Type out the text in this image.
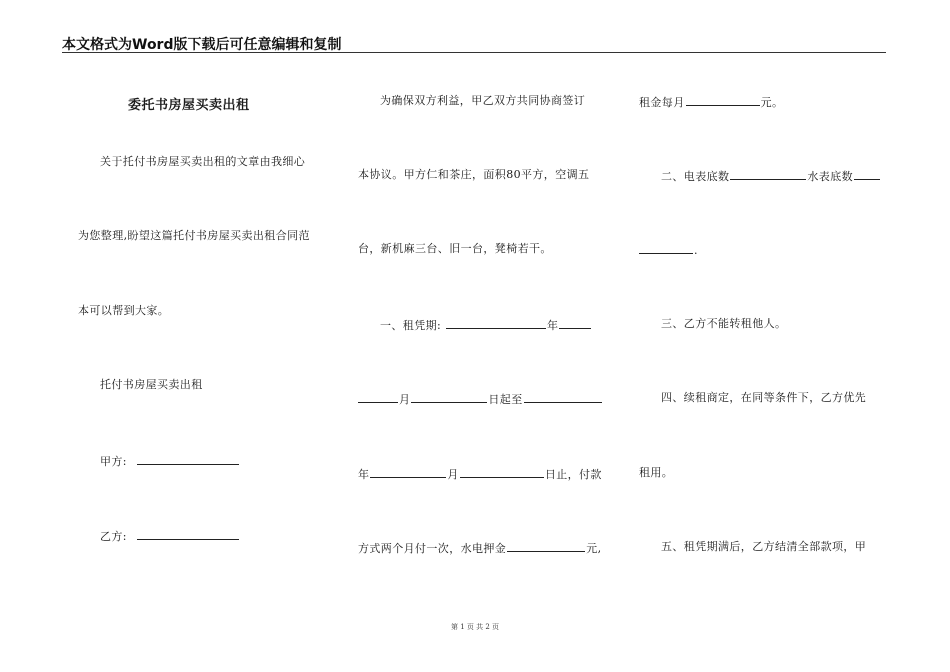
本文格式为Word版下载后可任意编辑和复制
委托书房屋买卖出租
关于托付书房屋买卖出租的文章由我细心
为您整理,盼望这篇托付书房屋买卖出租合同范
本可以帮到大家。
托付书房屋买卖出租
甲方:
乙方:
为确保双方利益，甲乙双方共同协商签订
本协议。甲方仁和茶庄，面积80平方，空调五
台，新机麻三台、旧一台，凳椅若干。
一、租凭期:	年
月	日起至
年	月	日止，付款
方式两个月付一次，水电押金	元,
租金每月	元。
二、电表底数	水表底数
.
三、乙方不能转租他人。
四、续租商定，在同等条件下，乙方优先
租用。
五、租凭期满后，乙方结清全部款项，甲
第 1 页 共 2 页
